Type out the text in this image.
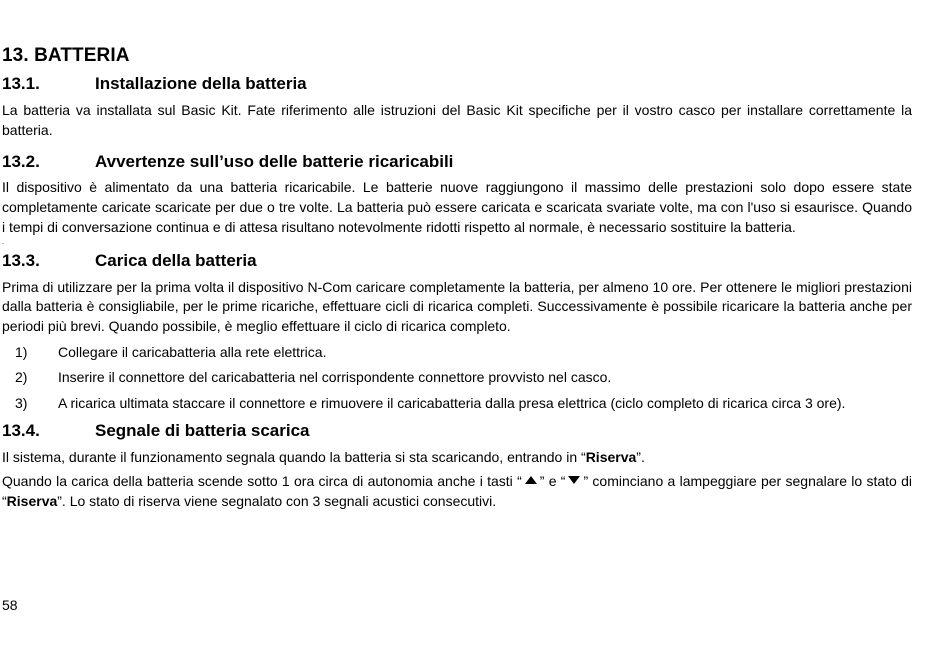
13. BATTERIA
13.1.	Installazione della batteria

La batteria va installata sul Basic Kit. Fate riferimento alle istruzioni del Basic Kit specifiche per il vostro casco per installare correttamente la batteria.

13.2.	Avvertenze sull’uso delle batterie ricaricabili

Il dispositivo è alimentato da una batteria ricaricabile. Le batterie nuove raggiungono il massimo delle prestazioni solo dopo essere state completamente caricate scaricate per due o tre volte. La batteria può essere caricata e scaricata svariate volte, ma con l'uso si esaurisce. Quando i tempi di conversazione continua e di attesa risultano notevolmente ridotti rispetto al normale, è necessario sostituire la batteria.

.
13.3.	Carica della batteria

Prima di utilizzare per la prima volta il dispositivo N-Com caricare completamente la batteria, per almeno 10 ore. Per ottenere le migliori prestazioni dalla batteria è consigliabile, per le prime ricariche, effettuare cicli di ricarica completi. Successivamente è possibile ricaricare la batteria anche per periodi più brevi. Quando possibile, è meglio effettuare il ciclo di ricarica completo.

1)	Collegare il caricabatteria alla rete elettrica.
2)	Inserire il connettore del caricabatteria nel corrispondente connettore provvisto nel casco.
3)	A ricarica ultimata staccare il connettore e rimuovere il caricabatteria dalla presa elettrica (ciclo completo di ricarica circa 3 ore).
13.4.	Segnale di batteria scarica

Il sistema, durante il funzionamento segnala quando la batteria si sta scaricando, entrando in “Riserva”.

Quando la carica della batteria scende sotto 1 ora circa di autonomia anche i tasti “ ” e “ ” cominciano a lampeggiare per segnalare lo stato di “Riserva”. Lo stato di riserva viene segnalato con 3 segnali acustici consecutivi.

58
